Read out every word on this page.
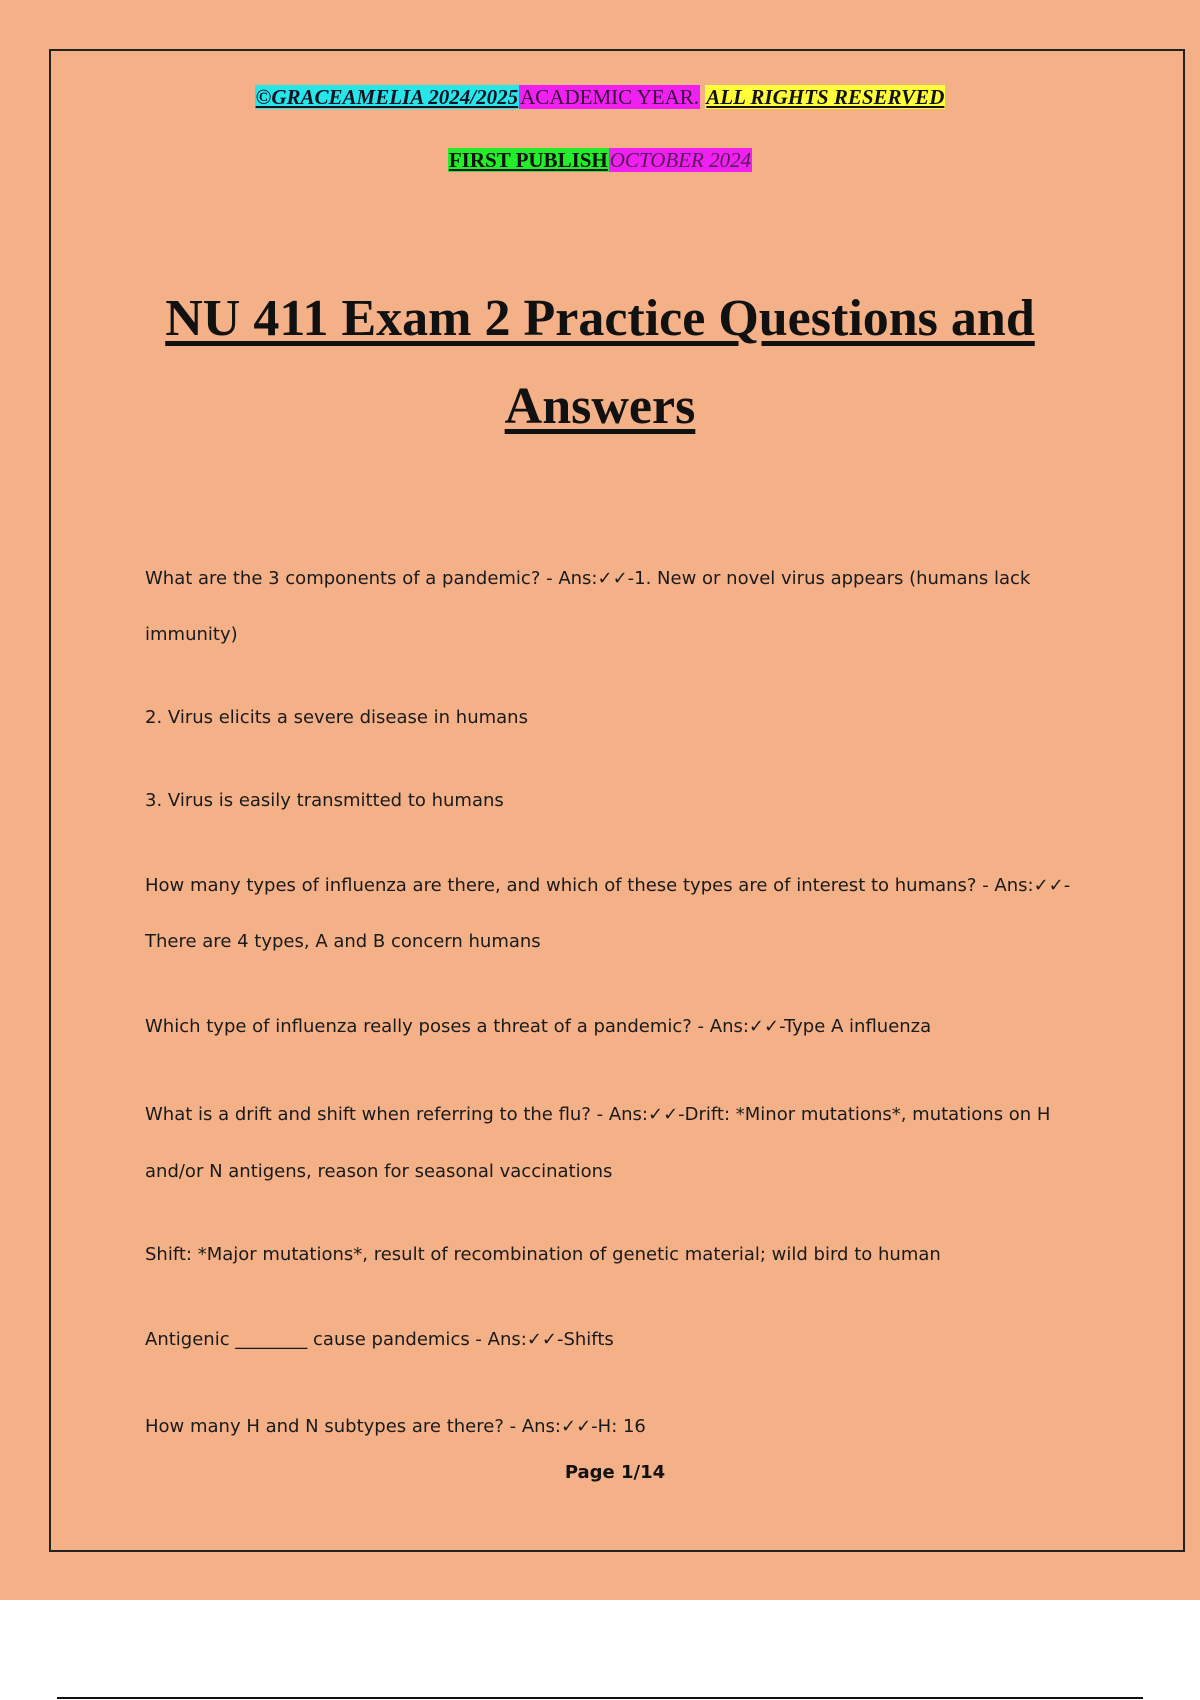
©GRACEAMELIA 2024/2025ACADEMIC YEAR. ALL RIGHTS RESERVED
FIRST PUBLISHOCTOBER 2024
NU 411 Exam 2 Practice Questions and
Answers
What are the 3 components of a pandemic? - Ans:✓✓-1. New or novel virus appears (humans lack
immunity)
2. Virus elicits a severe disease in humans
3. Virus is easily transmitted to humans
How many types of influenza are there, and which of these types are of interest to humans? - Ans:✓✓-
There are 4 types, A and B concern humans
Which type of influenza really poses a threat of a pandemic? - Ans:✓✓-Type A influenza
What is a drift and shift when referring to the flu? - Ans:✓✓-Drift: *Minor mutations*, mutations on H
and/or N antigens, reason for seasonal vaccinations
Shift: *Major mutations*, result of recombination of genetic material; wild bird to human
Antigenic ________ cause pandemics - Ans:✓✓-Shifts
How many H and N subtypes are there? - Ans:✓✓-H: 16
Page 1/14
